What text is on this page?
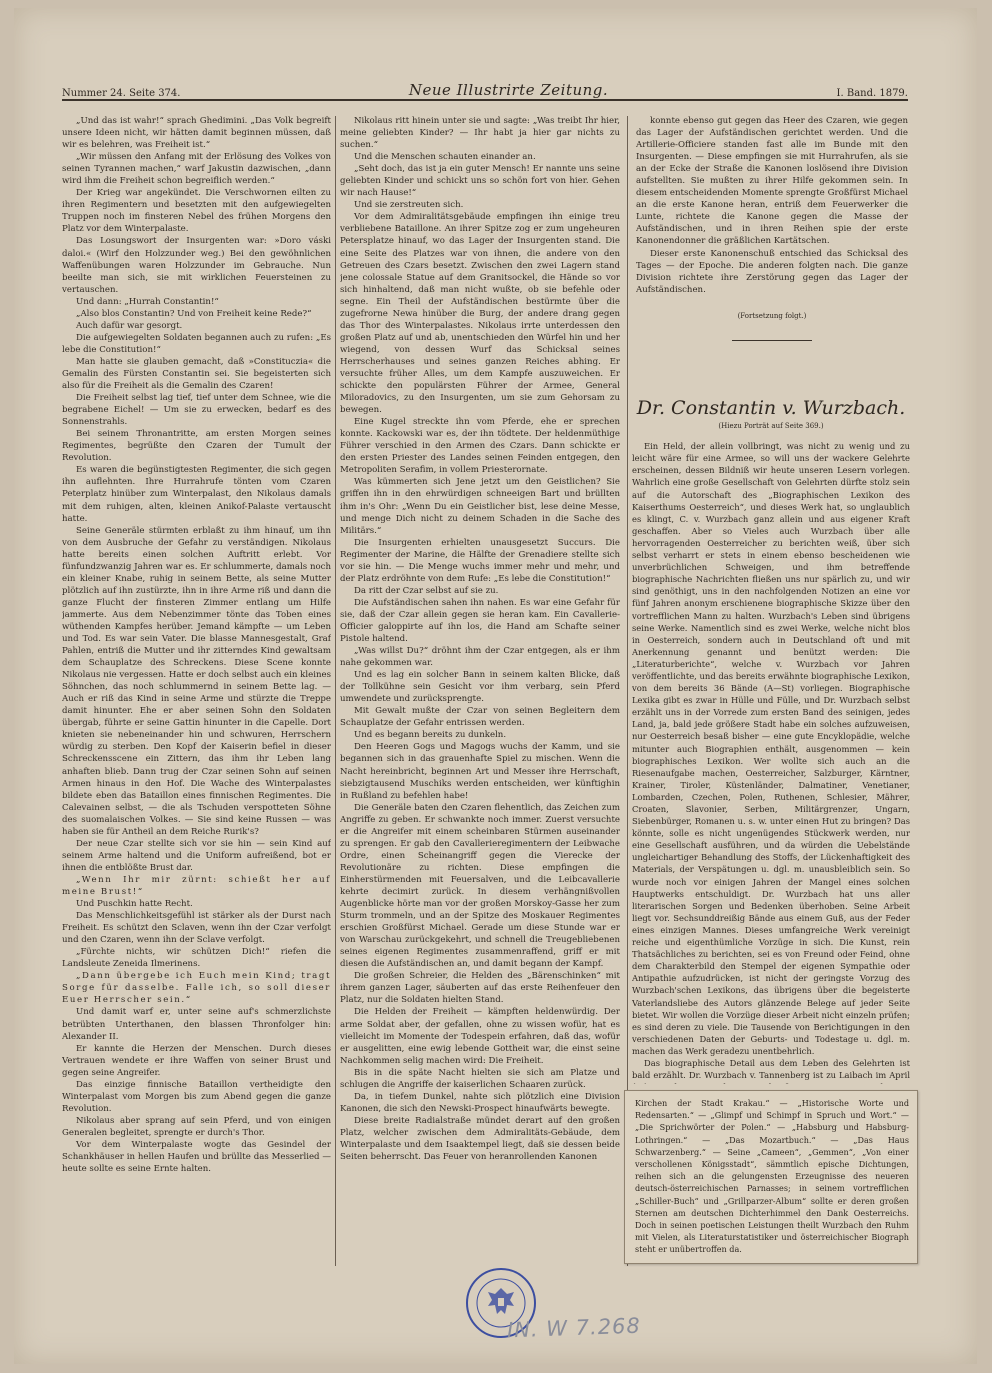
Nummer 24. Seite 374.	Neue Illustrirte Zeitung.	I. Band. 1879.

„Und das ist wahr!“ sprach Ghedimini. „Das Volk begreift unsere Ideen nicht, wir hätten damit beginnen müssen, daß wir es belehren, was Freiheit ist.“

„Wir müssen den Anfang mit der Erlösung des Volkes von seinen Tyrannen machen,“ warf Jakustin dazwischen, „dann wird ihm die Freiheit schon begreiflich werden.“

Der Krieg war angekündet. Die Verschwornen eilten zu ihren Regimentern und besetzten mit den aufgewiegelten Truppen noch im finsteren Nebel des frühen Morgens den Platz vor dem Winterpalaste.

Das Losungswort der Insurgenten war: »Doro váski daloi.« (Wirf den Holzzunder weg.) Bei den gewöhnlichen Waffenübungen waren Holzzunder im Gebrauche. Nun beeilte man sich, sie mit wirklichen Feuersteinen zu vertauschen.

Und dann: „Hurrah Constantin!“

„Also blos Constantin? Und von Freiheit keine Rede?“

Auch dafür war gesorgt.

Die aufgewiegelten Soldaten begannen auch zu rufen: „Es lebe die Constitution!“

Man hatte sie glauben gemacht, daß »Constituczia« die Gemalin des Fürsten Constantin sei. Sie begeisterten sich also für die Freiheit als die Gemalin des Czaren!

Die Freiheit selbst lag tief, tief unter dem Schnee, wie die begrabene Eichel! — Um sie zu erwecken, bedarf es des Sonnenstrahls.

Bei seinem Thronantritte, am ersten Morgen seines Regimentes, begrüßte den Czaren der Tumult der Revolution.

Es waren die begünstigtesten Regimenter, die sich gegen ihn auflehnten. Ihre Hurrahrufe tönten vom Czaren Peterplatz hinüber zum Winterpalast, den Nikolaus damals mit dem ruhigen, alten, kleinen Anikof-Palaste vertauscht hatte.

Seine Generäle stürmten erblaßt zu ihm hinauf, um ihn von dem Ausbruche der Gefahr zu verständigen. Nikolaus hatte bereits einen solchen Auftritt erlebt. Vor fünfundzwanzig Jahren war es. Er schlummerte, damals noch ein kleiner Knabe, ruhig in seinem Bette, als seine Mutter plötzlich auf ihn zustürzte, ihn in ihre Arme riß und dann die ganze Flucht der finsteren Zimmer entlang um Hilfe jammerte. Aus dem Nebenzimmer tönte das Toben eines wüthenden Kampfes herüber. Jemand kämpfte — um Leben und Tod. Es war sein Vater. Die blasse Mannesgestalt, Graf Pahlen, entriß die Mutter und ihr zitterndes Kind gewaltsam dem Schauplatze des Schreckens. Diese Scene konnte Nikolaus nie vergessen. Hatte er doch selbst auch ein kleines Söhnchen, das noch schlummernd in seinem Bette lag. — Auch er riß das Kind in seine Arme und stürzte die Treppe damit hinunter. Ehe er aber seinen Sohn den Soldaten übergab, führte er seine Gattin hinunter in die Capelle. Dort knieten sie nebeneinander hin und schwuren, Herrschern würdig zu sterben. Den Kopf der Kaiserin befiel in dieser Schreckensscene ein Zittern, das ihm ihr Leben lang anhaften blieb. Dann trug der Czar seinen Sohn auf seinen Armen hinaus in den Hof. Die Wache des Winterpalastes bildete eben das Bataillon eines finnischen Regimentes. Die Calevainen selbst, — die als Tschuden verspotteten Söhne des suomalaischen Volkes. — Sie sind keine Russen — was haben sie für Antheil an dem Reiche Rurik's?

Der neue Czar stellte sich vor sie hin — sein Kind auf seinem Arme haltend und die Uniform aufreißend, bot er ihnen die entblößte Brust dar.

„Wenn Ihr mir zürnt: schießt her auf meine Brust!“

Und Puschkin hatte Recht.

Das Menschlichkeitsgefühl ist stärker als der Durst nach Freiheit. Es schützt den Sclaven, wenn ihn der Czar verfolgt und den Czaren, wenn ihn der Sclave verfolgt.

„Fürchte nichts, wir schützen Dich!“ riefen die Landsleute Zeneida Ilmerinens.

„Dann übergebe ich Euch mein Kind; tragt Sorge für dasselbe. Falle ich, so soll dieser Euer Herrscher sein.“

Und damit warf er, unter seine auf's schmerzlichste betrübten Unterthanen, den blassen Thronfolger hin: Alexander II.

Er kannte die Herzen der Menschen. Durch dieses Vertrauen wendete er ihre Waffen von seiner Brust und gegen seine Angreifer.

Das einzige finnische Bataillon vertheidigte den Winterpalast vom Morgen bis zum Abend gegen die ganze Revolution.

Nikolaus aber sprang auf sein Pferd, und von einigen Generalen begleitet, sprengte er durch's Thor.

Vor dem Winterpalaste wogte das Gesindel der Schankhäuser in hellen Haufen und brüllte das Messerlied — heute sollte es seine Ernte halten.

Nikolaus ritt hinein unter sie und sagte: „Was treibt Ihr hier, meine geliebten Kinder? — Ihr habt ja hier gar nichts zu suchen.“

Und die Menschen schauten einander an.

„Seht doch, das ist ja ein guter Mensch! Er nannte uns seine geliebten Kinder und schickt uns so schön fort von hier. Gehen wir nach Hause!“

Und sie zerstreuten sich.

Vor dem Admiralitätsgebäude empfingen ihn einige treu verbliebene Bataillone. An ihrer Spitze zog er zum ungeheuren Petersplatze hinauf, wo das Lager der Insurgenten stand. Die eine Seite des Platzes war von ihnen, die andere von den Getreuen des Czars besetzt. Zwischen den zwei Lagern stand jene colossale Statue auf dem Granitsockel, die Hände so vor sich hinhaltend, daß man nicht wußte, ob sie befehle oder segne. Ein Theil der Aufständischen bestürmte über die zugefrorne Newa hinüber die Burg, der andere drang gegen das Thor des Winterpalastes. Nikolaus irrte unterdessen den großen Platz auf und ab, unentschieden den Würfel hin und her wiegend, von dessen Wurf das Schicksal seines Herrscherhauses und seines ganzen Reiches abhing. Er versuchte früher Alles, um dem Kampfe auszuweichen. Er schickte den populärsten Führer der Armee, General Miloradovics, zu den Insurgenten, um sie zum Gehorsam zu bewegen.

Eine Kugel streckte ihn vom Pferde, ehe er sprechen konnte. Kackowski war es, der ihn tödtete. Der heldenmüthige Führer verschied in den Armen des Czars. Dann schickte er den ersten Priester des Landes seinen Feinden entgegen, den Metropoliten Serafim, in vollem Priesterornate.

Was kümmerten sich Jene jetzt um den Geistlichen? Sie griffen ihn in den ehrwürdigen schneeigen Bart und brüllten ihm in's Ohr: „Wenn Du ein Geistlicher bist, lese deine Messe, und menge Dich nicht zu deinem Schaden in die Sache des Militärs.“

Die Insurgenten erhielten unausgesetzt Succurs. Die Regimenter der Marine, die Hälfte der Grenadiere stellte sich vor sie hin. — Die Menge wuchs immer mehr und mehr, und der Platz erdröhnte von dem Rufe: „Es lebe die Constitution!“

Da ritt der Czar selbst auf sie zu.

Die Aufständischen sahen ihn nahen. Es war eine Gefahr für sie, daß der Czar allein gegen sie heran kam. Ein Cavallerie-Officier galoppirte auf ihn los, die Hand am Schafte seiner Pistole haltend.

„Was willst Du?“ dröhnt ihm der Czar entgegen, als er ihm nahe gekommen war.

Und es lag ein solcher Bann in seinem kalten Blicke, daß der Tollkühne sein Gesicht vor ihm verbarg, sein Pferd umwendete und zurücksprengte.

Mit Gewalt mußte der Czar von seinen Begleitern dem Schauplatze der Gefahr entrissen werden.

Und es begann bereits zu dunkeln.

Den Heeren Gogs und Magogs wuchs der Kamm, und sie begannen sich in das grauenhafte Spiel zu mischen. Wenn die Nacht hereinbricht, beginnen Art und Messer ihre Herrschaft, siebzigtausend Muschiks werden entscheiden, wer künftighin in Rußland zu befehlen habe!

Die Generäle baten den Czaren flehentlich, das Zeichen zum Angriffe zu geben. Er schwankte noch immer. Zuerst versuchte er die Angreifer mit einem scheinbaren Stürmen auseinander zu sprengen. Er gab den Cavallerieregimentern der Leibwache Ordre, einen Scheinangriff gegen die Vierecke der Revolutionäre zu richten. Diese empfingen die Einherstürmenden mit Feuersalven, und die Leibcavallerie kehrte decimirt zurück. In diesem verhängnißvollen Augenblicke hörte man vor der großen Morskoy-Gasse her zum Sturm trommeln, und an der Spitze des Moskauer Regimentes erschien Großfürst Michael. Gerade um diese Stunde war er von Warschau zurückgekehrt, und schnell die Treugebliebenen seines eigenen Regimentes zusammenraffend, griff er mit diesen die Aufständischen an, und damit begann der Kampf.

Die großen Schreier, die Helden des „Bärenschinken“ mit ihrem ganzen Lager, säuberten auf das erste Reihenfeuer den Platz, nur die Soldaten hielten Stand.

Die Helden der Freiheit — kämpften heldenwürdig. Der arme Soldat aber, der gefallen, ohne zu wissen wofür, hat es vielleicht im Momente der Todespein erfahren, daß das, wofür er ausgelitten, eine ewig lebende Gottheit war, die einst seine Nachkommen selig machen wird: Die Freiheit.

Bis in die späte Nacht hielten sie sich am Platze und schlugen die Angriffe der kaiserlichen Schaaren zurück.

Da, in tiefem Dunkel, nahte sich plötzlich eine Division Kanonen, die sich den Newski-Prospect hinaufwärts bewegte.

Diese breite Radialstraße mündet derart auf den großen Platz, welcher zwischen dem Admiralitäts-Gebäude, dem Winterpalaste und dem Isaaktempel liegt, daß sie dessen beide Seiten beherrscht. Das Feuer von heranrollenden Kanonen

konnte ebenso gut gegen das Heer des Czaren, wie gegen das Lager der Aufständischen gerichtet werden. Und die Artillerie-Officiere standen fast alle im Bunde mit den Insurgenten. — Diese empfingen sie mit Hurrahrufen, als sie an der Ecke der Straße die Kanonen loslösend ihre Division aufstellten. Sie mußten zu ihrer Hilfe gekommen sein. In diesem entscheidenden Momente sprengte Großfürst Michael an die erste Kanone heran, entriß dem Feuerwerker die Lunte, richtete die Kanone gegen die Masse der Aufständischen, und in ihren Reihen spie der erste Kanonendonner die gräßlichen Kartätschen.

Dieser erste Kanonenschuß entschied das Schicksal des Tages — der Epoche. Die anderen folgten nach. Die ganze Division richtete ihre Zerstörung gegen das Lager der Aufständischen.

(Fortsetzung folgt.)
Dr. Constantin v. Wurzbach.
(Hiezu Porträt auf Seite 369.)

Ein Held, der allein vollbringt, was nicht zu wenig und zu leicht wäre für eine Armee, so will uns der wackere Gelehrte erscheinen, dessen Bildniß wir heute unseren Lesern vorlegen. Wahrlich eine große Gesellschaft von Gelehrten dürfte stolz sein auf die Autorschaft des „Biographischen Lexikon des Kaiserthums Oesterreich“, und dieses Werk hat, so unglaublich es klingt, C. v. Wurzbach ganz allein und aus eigener Kraft geschaffen. Aber so Vieles auch Wurzbach über alle hervorragenden Oesterreicher zu berichten weiß, über sich selbst verharrt er stets in einem ebenso bescheidenen wie unverbrüchlichen Schweigen, und ihm betreffende biographische Nachrichten fließen uns nur spärlich zu, und wir sind genöthigt, uns in den nachfolgenden Notizen an eine vor fünf Jahren anonym erschienene biographische Skizze über den vortrefflichen Mann zu halten. Wurzbach's Leben sind übrigens seine Werke. Namentlich sind es zwei Werke, welche nicht blos in Oesterreich, sondern auch in Deutschland oft und mit Anerkennung genannt und benützt werden: Die „Literaturberichte“, welche v. Wurzbach vor Jahren veröffentlichte, und das bereits erwähnte biographische Lexikon, von dem bereits 36 Bände (A—St) vorliegen. Biographische Lexika gibt es zwar in Hülle und Fülle, und Dr. Wurzbach selbst erzählt uns in der Vorrede zum ersten Band des seinigen, jedes Land, ja, bald jede größere Stadt habe ein solches aufzuweisen, nur Oesterreich besaß bisher — eine gute Encyklopädie, welche mitunter auch Biographien enthält, ausgenommen — kein biographisches Lexikon. Wer wollte sich auch an die Riesenaufgabe machen, Oesterreicher, Salzburger, Kärntner, Krainer, Tiroler, Küstenländer, Dalmatiner, Venetianer, Lombarden, Czechen, Polen, Ruthenen, Schlesier, Mährer, Croaten, Slavonier, Serben, Militärgrenzer, Ungarn, Siebenbürger, Romanen u. s. w. unter einen Hut zu bringen? Das könnte, solle es nicht ungenügendes Stückwerk werden, nur eine Gesellschaft ausführen, und da würden die Uebelstände ungleichartiger Behandlung des Stoffs, der Lückenhaftigkeit des Materials, der Verspätungen u. dgl. m. unausbleiblich sein. So wurde noch vor einigen Jahren der Mangel eines solchen Hauptwerks entschuldigt. Dr. Wurzbach hat uns aller literarischen Sorgen und Bedenken überhoben. Seine Arbeit liegt vor. Sechsunddreißig Bände aus einem Guß, aus der Feder eines einzigen Mannes. Dieses umfangreiche Werk vereinigt reiche und eigenthümliche Vorzüge in sich. Die Kunst, rein Thatsächliches zu berichten, sei es von Freund oder Feind, ohne dem Charakterbild den Stempel der eigenen Sympathie oder Antipathie aufzudrücken, ist nicht der geringste Vorzug des Wurzbach'schen Lexikons, das übrigens über die begeisterte Vaterlandsliebe des Autors glänzende Belege auf jeder Seite bietet. Wir wollen die Vorzüge dieser Arbeit nicht einzeln prüfen; es sind deren zu viele. Die Tausende von Berichtigungen in den verschiedenen Daten der Geburts- und Todestage u. dgl. m. machen das Werk geradezu unentbehrlich.

Das biographische Detail aus dem Leben des Gelehrten ist bald erzählt. Dr. Wurzbach v. Tannenberg ist zu Laibach im April

Kirchen der Stadt Krakau.“ — „Historische Worte und Redensarten.“ — „Glimpf und Schimpf in Spruch und Wort.“ — „Die Sprichwörter der Polen.“ — „Habsburg und Habsburg-Lothringen.“ — „Das Mozartbuch.“ — „Das Haus Schwarzenberg.“ — Seine „Cameen“, „Gemmen“, „Von einer verschollenen Königsstadt“, sämmtlich epische Dichtungen, reihen sich an die gelungensten Erzeugnisse des neueren deutsch-österreichischen Parnasses; in seinem vortrefflichen „Schiller-Buch“ und „Grillparzer-Album“ sollte er deren großen Sternen am deutschen Dichterhimmel den Dank Oesterreichs. Doch in seinen poetischen Leistungen theilt Wurzbach den Ruhm mit Vielen, als Literaturstatistiker und österreichischer Biograph steht er unübertroffen da.
IN. W 7.268
